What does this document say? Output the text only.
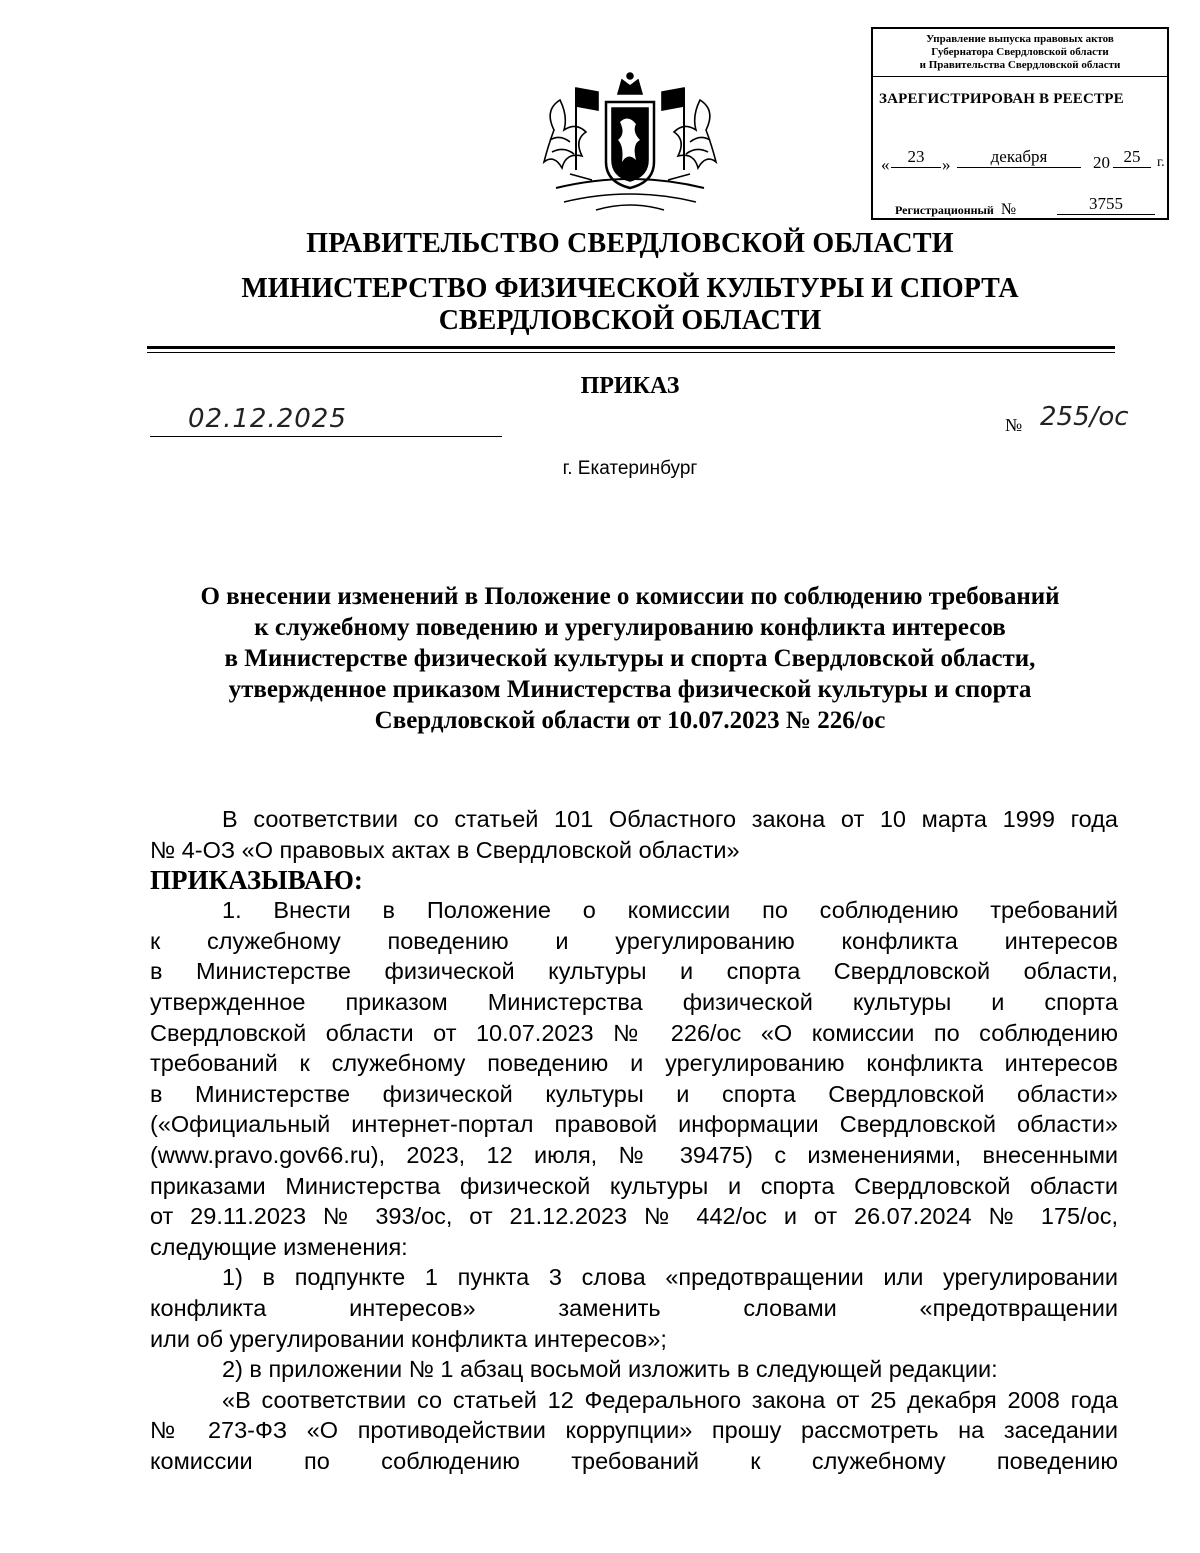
Управление выпуска правовых актов
Губернатора Свердловской области
и Правительства Свердловской области
ЗАРЕГИСТРИРОВАН В РЕЕСТРЕ
«	23	»	декабря	20 25	г.
Регистрационный №	3755
ПРАВИТЕЛЬСТВО СВЕРДЛОВСКОЙ ОБЛАСТИ
МИНИСТЕРСТВО ФИЗИЧЕСКОЙ КУЛЬТУРЫ И СПОРТА
СВЕРДЛОВСКОЙ ОБЛАСТИ
ПРИКАЗ
02.12.2025	№ 255/ос
г. Екатеринбург
О внесении изменений в Положение о комиссии по соблюдению требований
к служебному поведению и урегулированию конфликта интересов
в Министерстве физической культуры и спорта Свердловской области,
утвержденное приказом Министерства физической культуры и спорта
Свердловской области от 10.07.2023 № 226/ос
В соответствии со статьей 101 Областного закона от 10 марта 1999 года
№ 4-ОЗ «О правовых актах в Свердловской области»
ПРИКАЗЫВАЮ:
1. Внести в Положение о комиссии по соблюдению требований
к служебному поведению и урегулированию конфликта интересов
в Министерстве физической культуры и спорта Свердловской области,
утвержденное приказом Министерства физической культуры и спорта
Свердловской области от 10.07.2023 № 226/ос «О комиссии по соблюдению
требований к служебному поведению и урегулированию конфликта интересов
в Министерстве физической культуры и спорта Свердловской области»
(«Официальный интернет-портал правовой информации Свердловской области»
(www.pravo.gov66.ru), 2023, 12 июля, № 39475) с изменениями, внесенными
приказами Министерства физической культуры и спорта Свердловской области
от 29.11.2023 № 393/ос, от 21.12.2023 № 442/ос и от 26.07.2024 № 175/ос,
следующие изменения:
1) в подпункте 1 пункта 3 слова «предотвращении или урегулировании
конфликта интересов» заменить словами «предотвращении
или об урегулировании конфликта интересов»;
2) в приложении № 1 абзац восьмой изложить в следующей редакции:
«В соответствии со статьей 12 Федерального закона от 25 декабря 2008 года
№ 273-ФЗ «О противодействии коррупции» прошу рассмотреть на заседании
комиссии по соблюдению требований к служебному поведению
